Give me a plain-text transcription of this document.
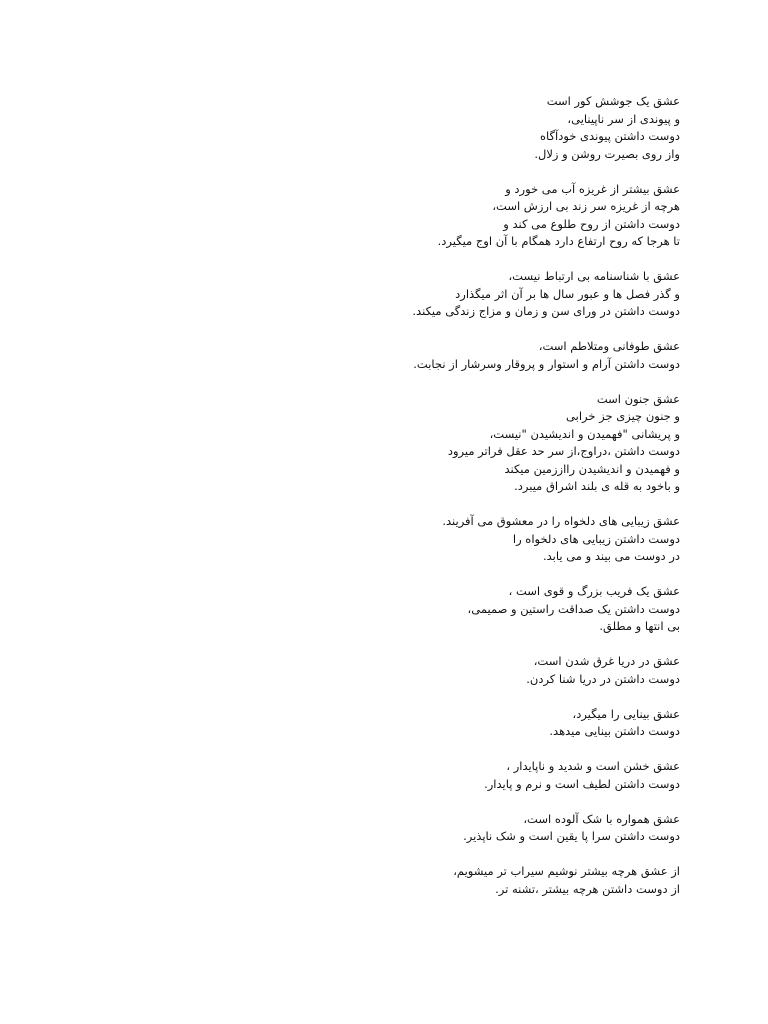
عشق یک جوشش کور است
و پیوندی از سر ناپینایی،
دوست داشتن پیوندی خودآگاه
واز روی بصیرت روشن و زلال.
عشق بیشتر از غریزه آب می خورد و
هرچه از غریزه سر زند بی ارزش است،
دوست داشتن از روح طلوع می کند و
تا هرجا که روح ارتفاع دارد همگام با آن اوج میگیرد.
عشق با شناسنامه بی ارتباط نیست،
و گذر فصل ها و عبور سال ها بر آن اثر میگذارد
دوست داشتن در ورای سن و زمان و مزاج زندگی میکند.
عشق طوفانی ومتلاطم است،
دوست داشتن آرام و استوار و پروقار وسرشار از نجابت.
عشق جنون است
و جنون چیزی جز خرابی
و پریشانی "فهمیدن و اندیشیدن "نیست،
دوست داشتن ،دراوج،از سر حد عقل فراتر میرود
و فهمیدن و اندیشیدن رااززمین میکند
و باخود به قله ی بلند اشراق میبرد.
عشق زیبایی های دلخواه را در معشوق می آفریند.
دوست داشتن زیبایی های دلخواه را
در دوست می بیند و می یابد.
عشق یک فریب بزرگ و قوی است ،
دوست داشتن یک صداقت راستین و صمیمی،
بی انتها و مطلق.
عشق در دریا غرق شدن است،
دوست داشتن در دریا شنا کردن.
عشق بینایی را میگیرد،
دوست داشتن بینایی میدهد.
عشق خشن است و شدید و ناپایدار ،
دوست داشتن لطیف است و نرم و پایدار.
عشق همواره با شک آلوده است،
دوست داشتن سرا پا یقین است و شک ناپذیر.
از عشق هرچه بیشتر نوشیم سیراب تر میشویم،
از دوست داشتن هرچه بیشتر ،تشنه تر.
